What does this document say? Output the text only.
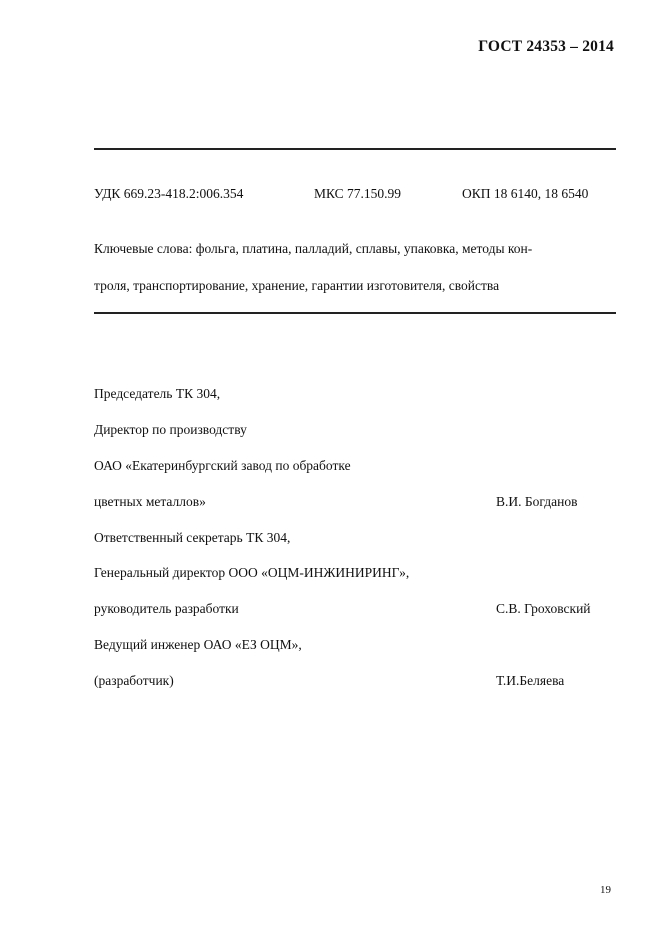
ГОСТ 24353 – 2014
УДК 669.23-418.2:006.354	МКС 77.150.99	ОКП 18 6140, 18 6540
Ключевые слова: фольга, платина, палладий, сплавы, упаковка, методы кон-
троля, транспортирование, хранение, гарантии изготовителя, свойства
Председатель ТК 304,
Директор по производству
ОАО «Екатеринбургский завод по обработке
цветных металлов»	В.И. Богданов
Ответственный секретарь ТК 304,
Генеральный директор ООО «ОЦМ-ИНЖИНИРИНГ»,
руководитель разработки	С.В. Гроховский
Ведущий инженер ОАО «ЕЗ ОЦМ»,
(разработчик)	Т.И.Беляева
19
